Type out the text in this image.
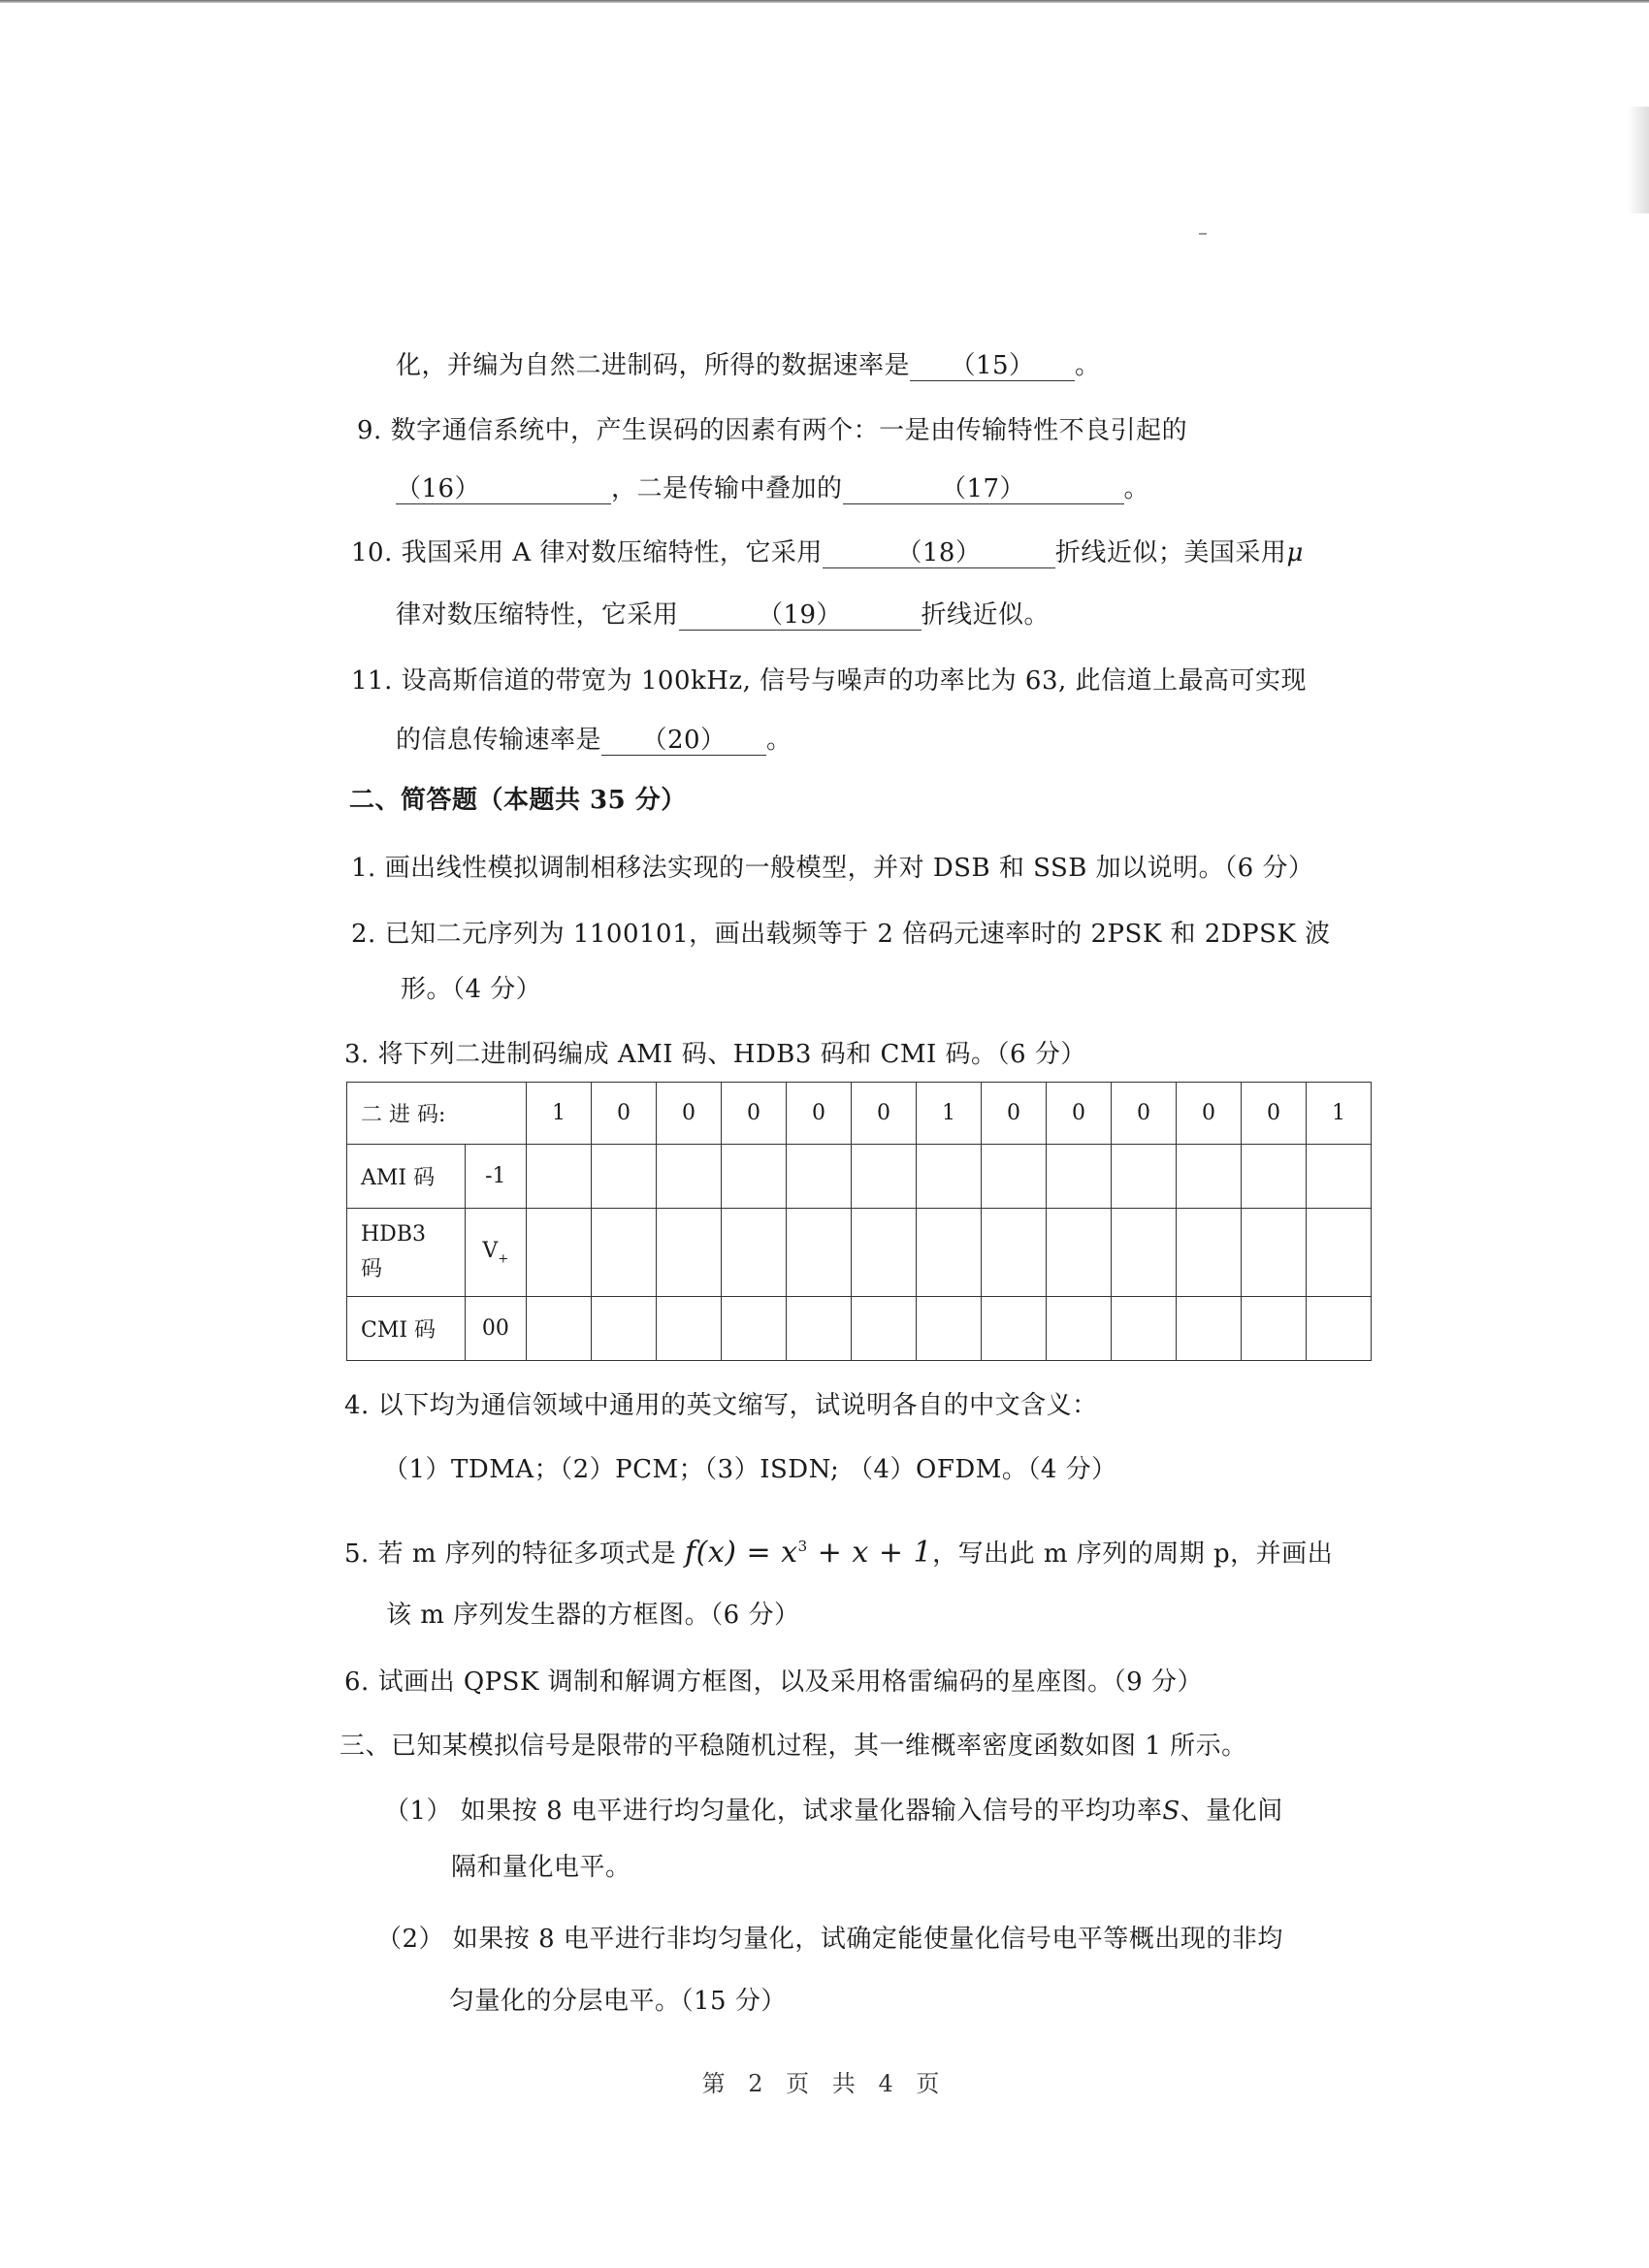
化，并编为自然二进制码，所得的数据速率是 （15） 。
9. 数字通信系统中，产生误码的因素有两个：一是由传输特性不良引起的
（16）	，二是传输中叠加的	（17）	。
10. 我国采用 A 律对数压缩特性，它采用	（18）	折线近似；美国采用μ
律对数压缩特性，它采用	（19）	折线近似。
11. 设高斯信道的带宽为 100kHz, 信号与噪声的功率比为 63, 此信道上最高可实现
的信息传输速率是 （20） 。
二、简答题（本题共 35 分）
1. 画出线性模拟调制相移法实现的一般模型，并对 DSB 和 SSB 加以说明。（6 分）
2. 已知二元序列为 1100101，画出载频等于 2 倍码元速率时的 2PSK 和 2DPSK 波
形。（4 分）
3. 将下列二进制码编成 AMI 码、HDB3 码和 CMI 码。（6 分）
二 进 码:		1	0	0	0	0	0	1	0	0	0	0	0	1
AMI 码	-1													
HDB3
码	$V_+$													
CMI 码	00													
4. 以下均为通信领域中通用的英文缩写，试说明各自的中文含义：
（1）TDMA；（2）PCM；（3）ISDN; （4）OFDM。（4 分）
5. 若 m 序列的特征多项式是 $f(x) = x^3 + x + 1$，写出此 m 序列的周期 p，并画出
该 m 序列发生器的方框图。（6 分）
6. 试画出 QPSK 调制和解调方框图，以及采用格雷编码的星座图。（9 分）
三、已知某模拟信号是限带的平稳随机过程，其一维概率密度函数如图 1 所示。
（1） 如果按 8 电平进行均匀量化，试求量化器输入信号的平均功率S、量化间
隔和量化电平。
（2） 如果按 8 电平进行非均匀量化，试确定能使量化信号电平等概出现的非均
匀量化的分层电平。（15 分）
第 2 页 共 4 页
